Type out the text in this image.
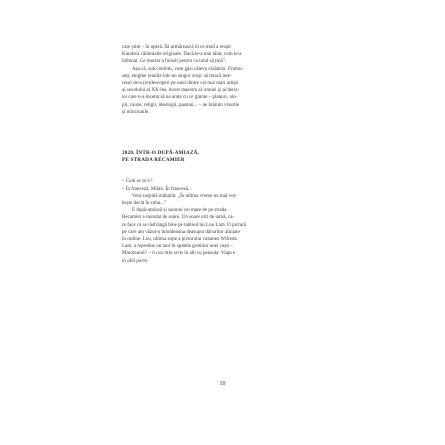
care știm – în operă. Să urmărească în ce mod a reușit
Kundera cărămizile originale. Dacă le-a mai tăiat, cum le-a
îmbinat. Ce mortar a folosit pentru ca totul să țină”.

Așa că, sub confetti, vom găsi câteva cărămizi. Frumu-
seți, enigme reunite într-un singur scop: să treacă inte-
resul de-a (re)descoperi pe unul dintre cei mai mari artiști
ai secolului al XX-lea. Acest maestru al ironiei și al deriz-
iei care n-a încetat să ne arate cu ce glume – planuri, uto-
pii, cauze, religii, ideologii, pasiuni... – ne hrănim visurile
și minciunile.

2020. ÎNTR-O DUPĂ-AMIAZĂ,
PE STRADA RÉCAMIER

– Cum se zice?
– În franceză, Milan. În franceză...
Vera suspină mâhnită: „În ultima vreme nu mai vor-
bește decât în ceha...”
E după-amiază și salonul cel mare de pe strada
Récamier e inundat de soare. Un soare urit de iarnă, ca-
re face ca se răsfrângă bine pe tabloul lui Lou Lam. O pictură
pe care am văzut-o întotdeauna deasupra dăcurilor aliniate
în ordine. Lou, ultima soție a pictorului cubanez Wifredo
Lam, a reprodus un taur în spatele gratiilor unei cuști –
Minotaurul? – cu un titlu scris în alb cu pensula: Viața e
în altă parte.

10
